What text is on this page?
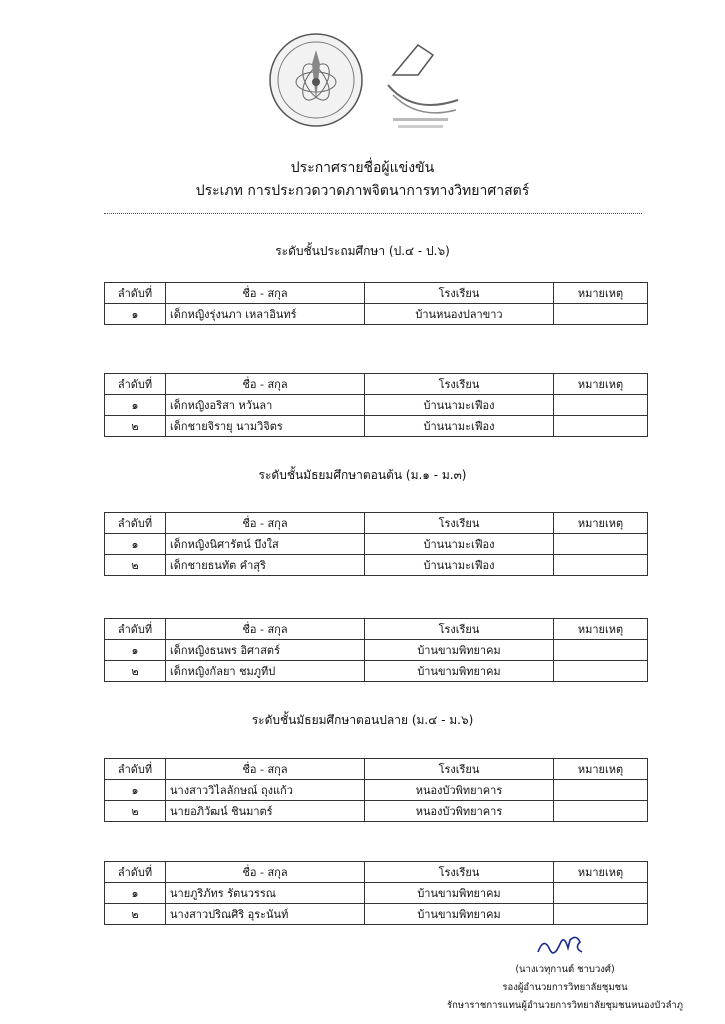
ประกาศรายชื่อผู้แข่งขัน
ประเภท การประกวดวาดภาพจิตนาการทางวิทยาศาสตร์
ระดับชั้นประถมศึกษา (ป.๔ - ป.๖)
ลำดับที่	ชื่อ - สกุล	โรงเรียน	หมายเหตุ
๑	เด็กหญิงรุ่งนภา เหลาอินทร์	บ้านหนองปลาขาว	
ลำดับที่	ชื่อ - สกุล	โรงเรียน	หมายเหตุ
๑	เด็กหญิงอริสา หวันลา	บ้านนามะเฟือง	
๒	เด็กชายจิรายุ นามวิจิตร	บ้านนามะเฟือง	
ระดับชั้นมัธยมศึกษาตอนต้น (ม.๑ - ม.๓)
ลำดับที่	ชื่อ - สกุล	โรงเรียน	หมายเหตุ
๑	เด็กหญิงนิศารัตน์ บึงใส	บ้านนามะเฟือง	
๒	เด็กชายธนทัต คำสุริ	บ้านนามะเฟือง	
ลำดับที่	ชื่อ - สกุล	โรงเรียน	หมายเหตุ
๑	เด็กหญิงธนพร อิศาสตร์	บ้านขามพิทยาคม	
๒	เด็กหญิงกัลยา ชมภูทีป	บ้านขามพิทยาคม	
ระดับชั้นมัธยมศึกษาตอนปลาย (ม.๔ - ม.๖)
ลำดับที่	ชื่อ - สกุล	โรงเรียน	หมายเหตุ
๑	นางสาววิไลลักษณ์ ถุงแก้ว	หนองบัวพิทยาคาร	
๒	นายอภิวัฒน์ ชินมาตร์	หนองบัวพิทยาคาร	
ลำดับที่	ชื่อ - สกุล	โรงเรียน	หมายเหตุ
๑	นายภูริภัทร รัตนวรรณ	บ้านขามพิทยาคม	
๒	นางสาวปริณศิริ อุระนันท์	บ้านขามพิทยาคม	
(นางเวทุกานต์ ชาบวงศ์)
รองผู้อำนวยการวิทยาลัยชุมชน
รักษาราชการแทนผู้อำนวยการวิทยาลัยชุมชนหนองบัวลำภู
